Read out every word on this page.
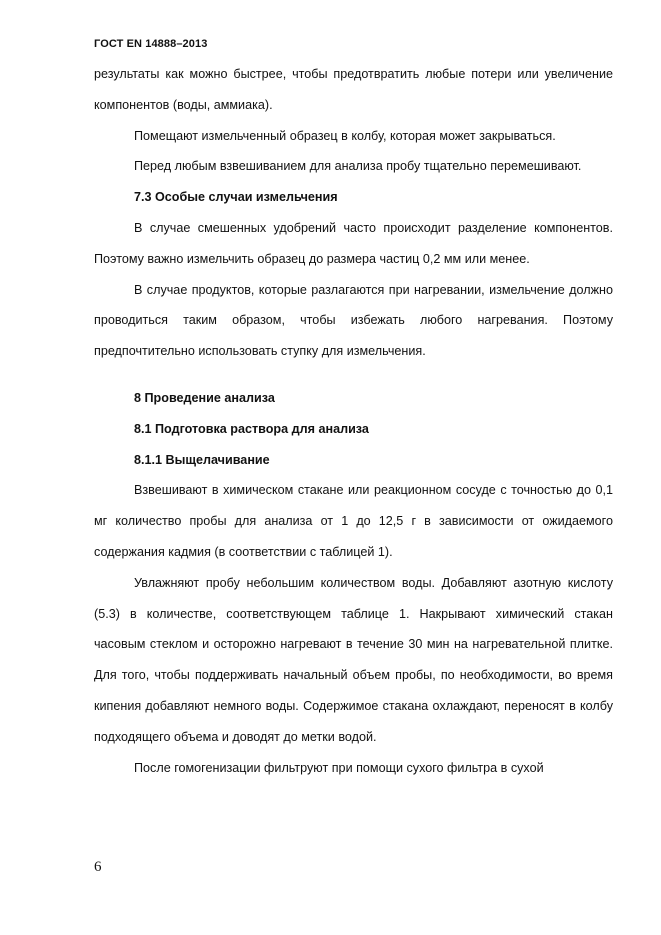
ГОСТ EN 14888–2013

результаты как можно быстрее, чтобы предотвратить любые потери или увеличение компонентов (воды, аммиака).

Помещают измельченный образец в колбу, которая может закрываться.

Перед любым взвешиванием для анализа пробу тщательно перемешивают.

7.3 Особые случаи измельчения

В случае смешенных удобрений часто происходит разделение компонентов. Поэтому важно измельчить образец до размера частиц 0,2 мм или менее.

В случае продуктов, которые разлагаются при нагревании, измельчение должно проводиться таким образом, чтобы избежать любого нагревания. Поэтому предпочтительно использовать ступку для измельчения.

8 Проведение анализа

8.1 Подготовка раствора для анализа

8.1.1 Выщелачивание

Взвешивают в химическом стакане или реакционном сосуде с точностью до 0,1 мг количество пробы для анализа от 1 до 12,5 г в зависимости от ожидаемого содержания кадмия (в соответствии с таблицей 1).

Увлажняют пробу небольшим количеством воды. Добавляют азотную кислоту (5.3) в количестве, соответствующем таблице 1. Накрывают химический стакан часовым стеклом и осторожно нагревают в течение 30 мин на нагревательной плитке. Для того, чтобы поддерживать начальный объем пробы, по необходимости, во время кипения добавляют немного воды. Содержимое стакана охлаждают, переносят в колбу подходящего объема и доводят до метки водой.

После гомогенизации фильтруют при помощи сухого фильтра в сухой

6
